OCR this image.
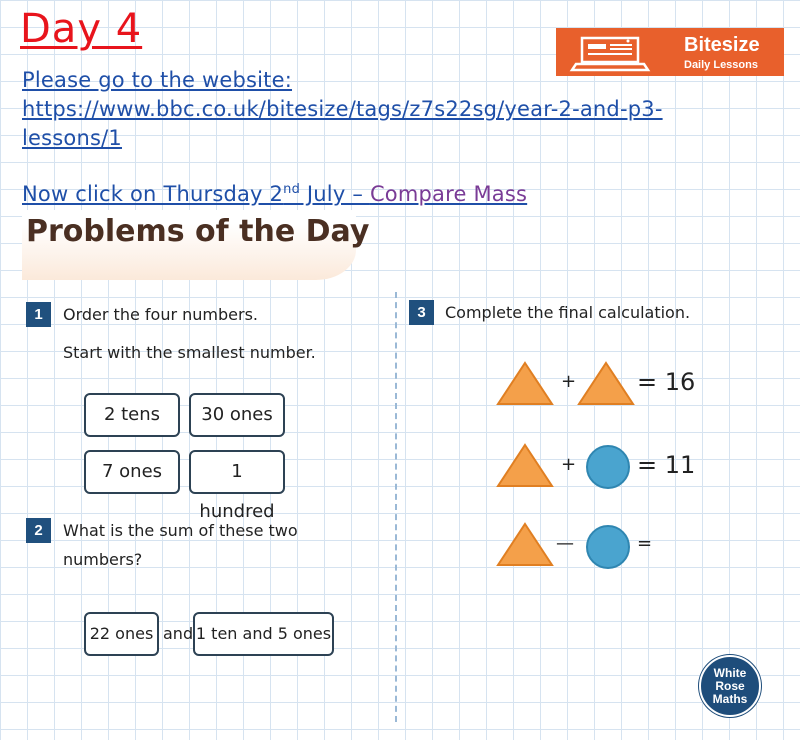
Day 4
Please go to the website:
https://www.bbc.co.uk/bitesize/tags/z7s22sg/year-2-and-p3-
lessons/1
Now click on Thursday 2nd July – Compare Mass
Bitesize
Daily Lessons
Problems of the Day
1	Order the four numbers.
Start with the smallest number.
2 tens	30 ones
7 ones	1 hundred
2	What is the sum of these two
numbers?
22 ones and 1 ten and 5 ones
3	Complete the final calculation.
+	= 16
+	= 11
—	=
White
Rose
Maths
